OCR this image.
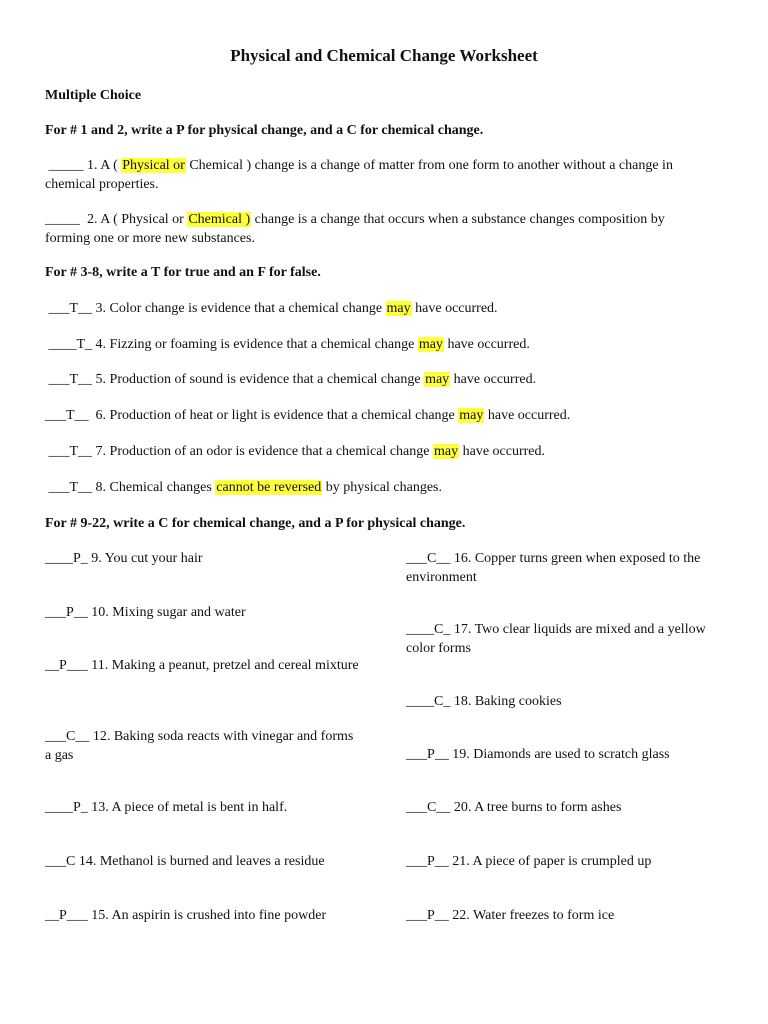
Physical and Chemical Change Worksheet
Multiple Choice
For # 1 and 2, write a P for physical change, and a C for chemical change.
_____ 1. A ( Physical or Chemical ) change is a change of matter from one form to another without a change in
chemical properties.
_____  2. A ( Physical or Chemical ) change is a change that occurs when a substance changes composition by
forming one or more new substances.
For # 3-8, write a T for true and an F for false.
___T__ 3. Color change is evidence that a chemical change may have occurred.
____T_ 4. Fizzing or foaming is evidence that a chemical change may have occurred.
___T__ 5. Production of sound is evidence that a chemical change may have occurred.
___T__  6. Production of heat or light is evidence that a chemical change may have occurred.
___T__ 7. Production of an odor is evidence that a chemical change may have occurred.
___T__ 8. Chemical changes cannot be reversed by physical changes.
For # 9-22, write a C for chemical change, and a P for physical change.
____P_ 9. You cut your hair
___P__ 10. Mixing sugar and water
__P___ 11. Making a peanut, pretzel and cereal mixture
___C__ 12. Baking soda reacts with vinegar and forms a gas
____P_ 13. A piece of metal is bent in half.
___C 14. Methanol is burned and leaves a residue
__P___ 15. An aspirin is crushed into fine powder
___C__ 16. Copper turns green when exposed to the environment
____C_ 17. Two clear liquids are mixed and a yellow color forms
____C_ 18. Baking cookies
___P__ 19. Diamonds are used to scratch glass
___C__ 20. A tree burns to form ashes
___P__ 21. A piece of paper is crumpled up
___P__ 22. Water freezes to form ice
